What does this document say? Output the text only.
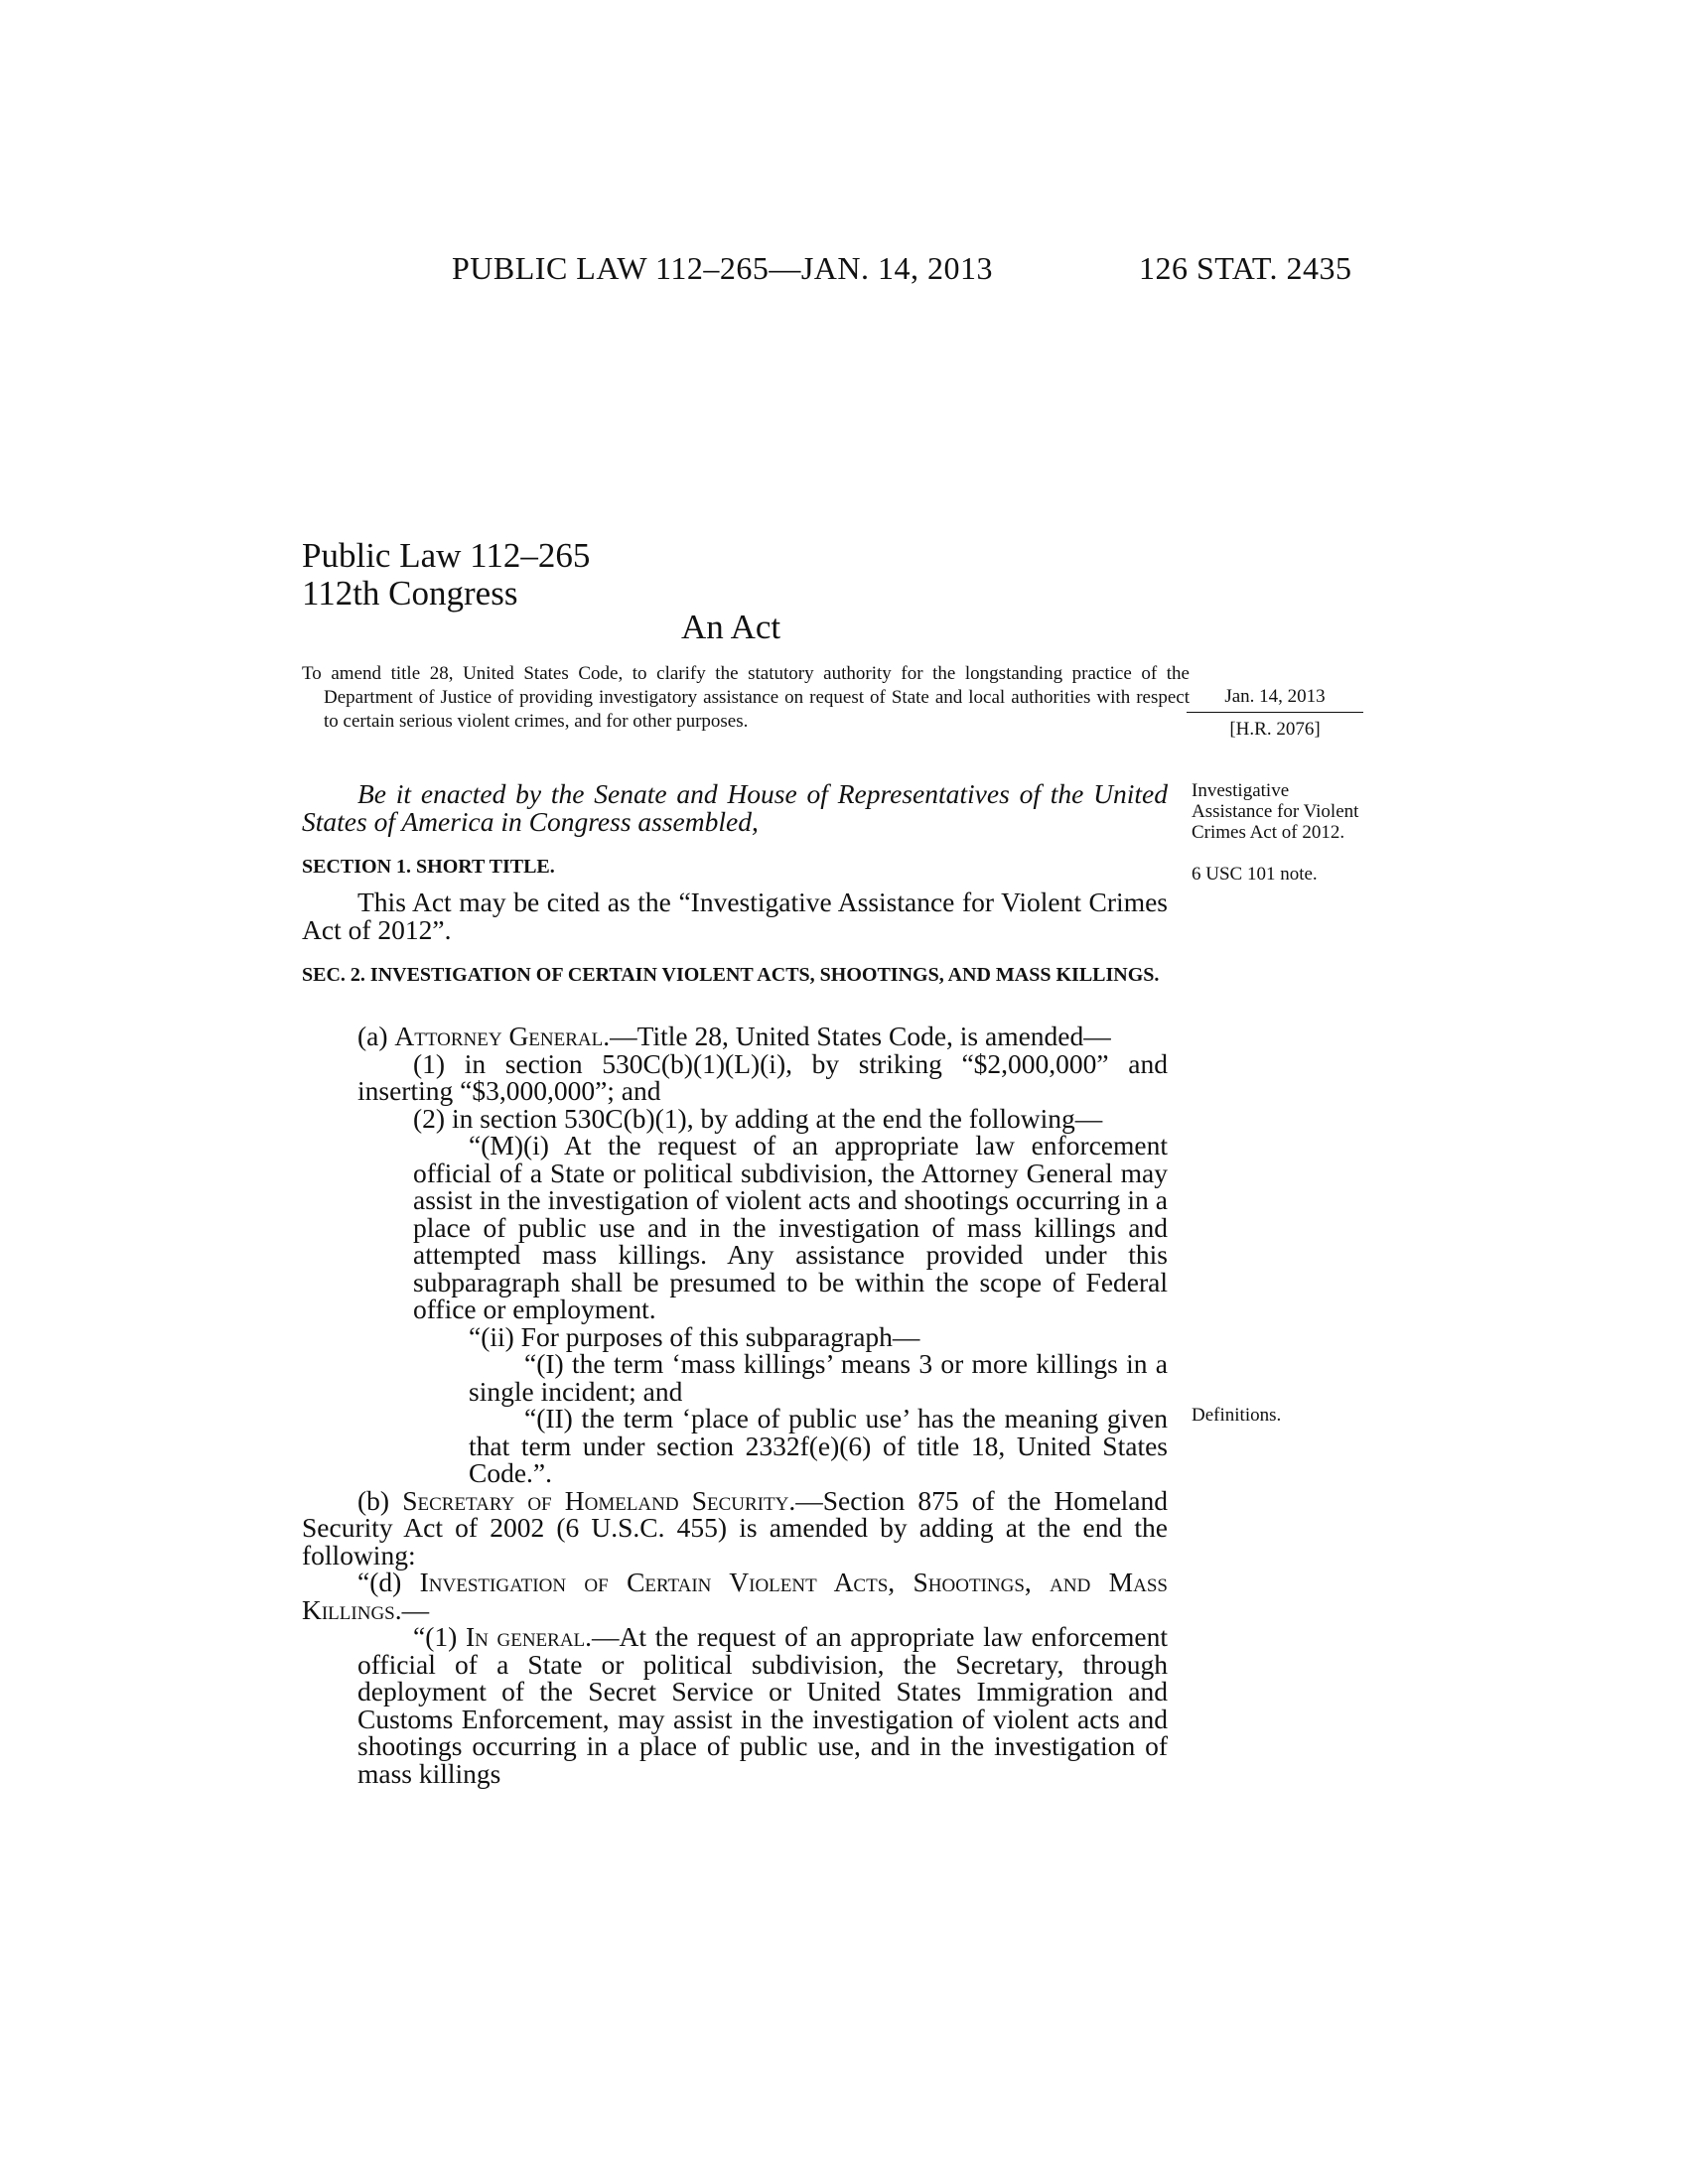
PUBLIC LAW 112–265—JAN. 14, 2013	126 STAT. 2435
Public Law 112–265
112th Congress
An Act
To amend title 28, United States Code, to clarify the statutory authority for the longstanding practice of the Department of Justice of providing investigatory assistance on request of State and local authorities with respect to certain serious violent crimes, and for other purposes.
Jan. 14, 2013
[H.R. 2076]
Investigative Assistance for Violent Crimes Act of 2012.
6 USC 101 note.
Definitions.
Be it enacted by the Senate and House of Representatives of the United States of America in Congress assembled,
SECTION 1. SHORT TITLE.
This Act may be cited as the “Investigative Assistance for Violent Crimes Act of 2012”.
SEC. 2. INVESTIGATION OF CERTAIN VIOLENT ACTS, SHOOTINGS, AND MASS KILLINGS.

(a) Attorney General.—Title 28, United States Code, is amended—

(1) in section 530C(b)(1)(L)(i), by striking “$2,000,000” and inserting “$3,000,000”; and

(2) in section 530C(b)(1), by adding at the end the following—

“(M)(i) At the request of an appropriate law enforcement official of a State or political subdivision, the Attorney General may assist in the investigation of violent acts and shootings occurring in a place of public use and in the investigation of mass killings and attempted mass killings. Any assistance provided under this subparagraph shall be presumed to be within the scope of Federal office or employment.

“(ii) For purposes of this subparagraph—

“(I) the term ‘mass killings’ means 3 or more killings in a single incident; and

“(II) the term ‘place of public use’ has the meaning given that term under section 2332f(e)(6) of title 18, United States Code.”.

(b) Secretary of Homeland Security.—Section 875 of the Homeland Security Act of 2002 (6 U.S.C. 455) is amended by adding at the end the following:

“(d) Investigation of Certain Violent Acts, Shootings, and Mass Killings.—

“(1) In general.—At the request of an appropriate law enforcement official of a State or political subdivision, the Secretary, through deployment of the Secret Service or United States Immigration and Customs Enforcement, may assist in the investigation of violent acts and shootings occurring in a place of public use, and in the investigation of mass killings
